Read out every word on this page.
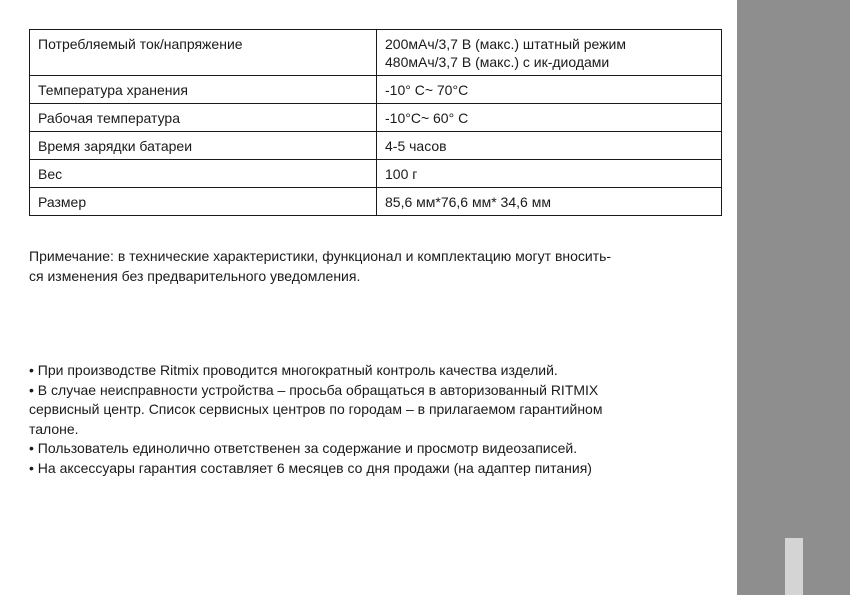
Потребляемый ток/напряжение	200мАч/3,7 В (макс.) штатный режим
480мАч/3,7 В (макс.) с ик-диодами

Температура хранения	-10° С~ 70°С
Рабочая температура	-10°С~ 60° С
Время зарядки батареи	4-5 часов
Вес	100 г
Размер	85,6 мм*76,6 мм* 34,6 мм
Примечание: в технические характеристики, функционал и комплектацию могут вносить-
ся изменения без предварительного уведомления.

• При производстве Ritmix проводится многократный контроль качества изделий.

• В случае неисправности устройства – просьба обращаться в авторизованный RITMIX

сервисный центр. Список сервисных центров по городам – в прилагаемом гарантийном

талоне.

• Пользователь единолично ответственен за содержание и просмотр видеозаписей.

• На аксессуары гарантия составляет 6 месяцев со дня продажи (на адаптер питания)
